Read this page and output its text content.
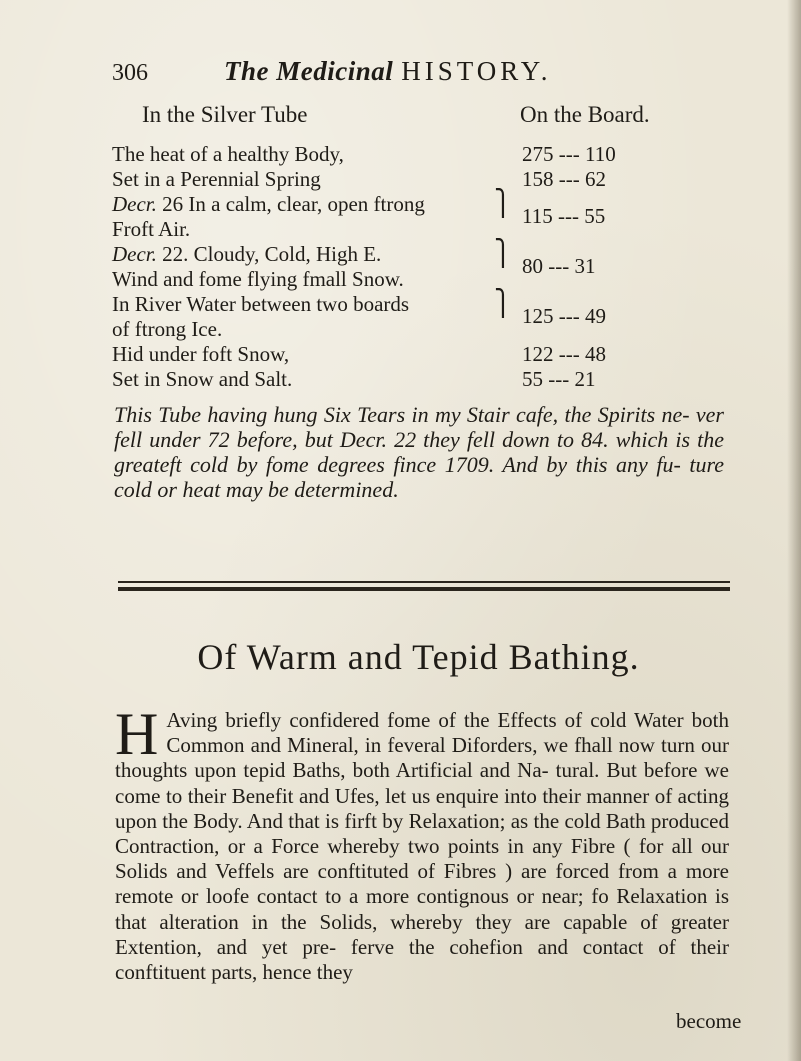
306	The Medicinal HISTORY.
In the Silver Tube	On the Board.
The heat of a healthy Body,
Set in a Perennial Spring
Decr. 26 In a calm, clear, open ftrong
Froft Air.
Decr. 22. Cloudy, Cold, High E.
Wind and fome flying fmall Snow.
In River Water between two boards
of ftrong Ice.
Hid under foft Snow,
Set in Snow and Salt.
⎫
⎫
⎫
275 --- 110
158 --- 62
115 --- 55
80 --- 31
125 --- 49
122 --- 48
55 --- 21
This Tube having hung Six Tears in my Stair cafe, the Spirits ne- ver fell under 72 before, but Decr. 22 they fell down to 84. which is the greateft cold by fome degrees fince 1709. And by this any fu- ture cold or heat may be determined.
Of Warm and Tepid Bathing.
H Aving briefly confidered fome of the Effects of cold Water both Common and Mineral, in feveral Diforders, we fhall now turn our thoughts upon tepid Baths, both Artificial and Na- tural. But before we come to their Benefit and Ufes, let us enquire into their manner of acting upon the Body. And that is firft by Relaxation; as the cold Bath produced Contraction, or a Force whereby two points in any Fibre ( for all our Solids and Veffels are conftituted of Fibres ) are forced from a more remote or loofe contact to a more contignous or near; fo Relaxation is that alteration in the Solids, whereby they are capable of greater Extention, and yet pre- ferve the cohefion and contact of their conftituent parts, hence they
become
